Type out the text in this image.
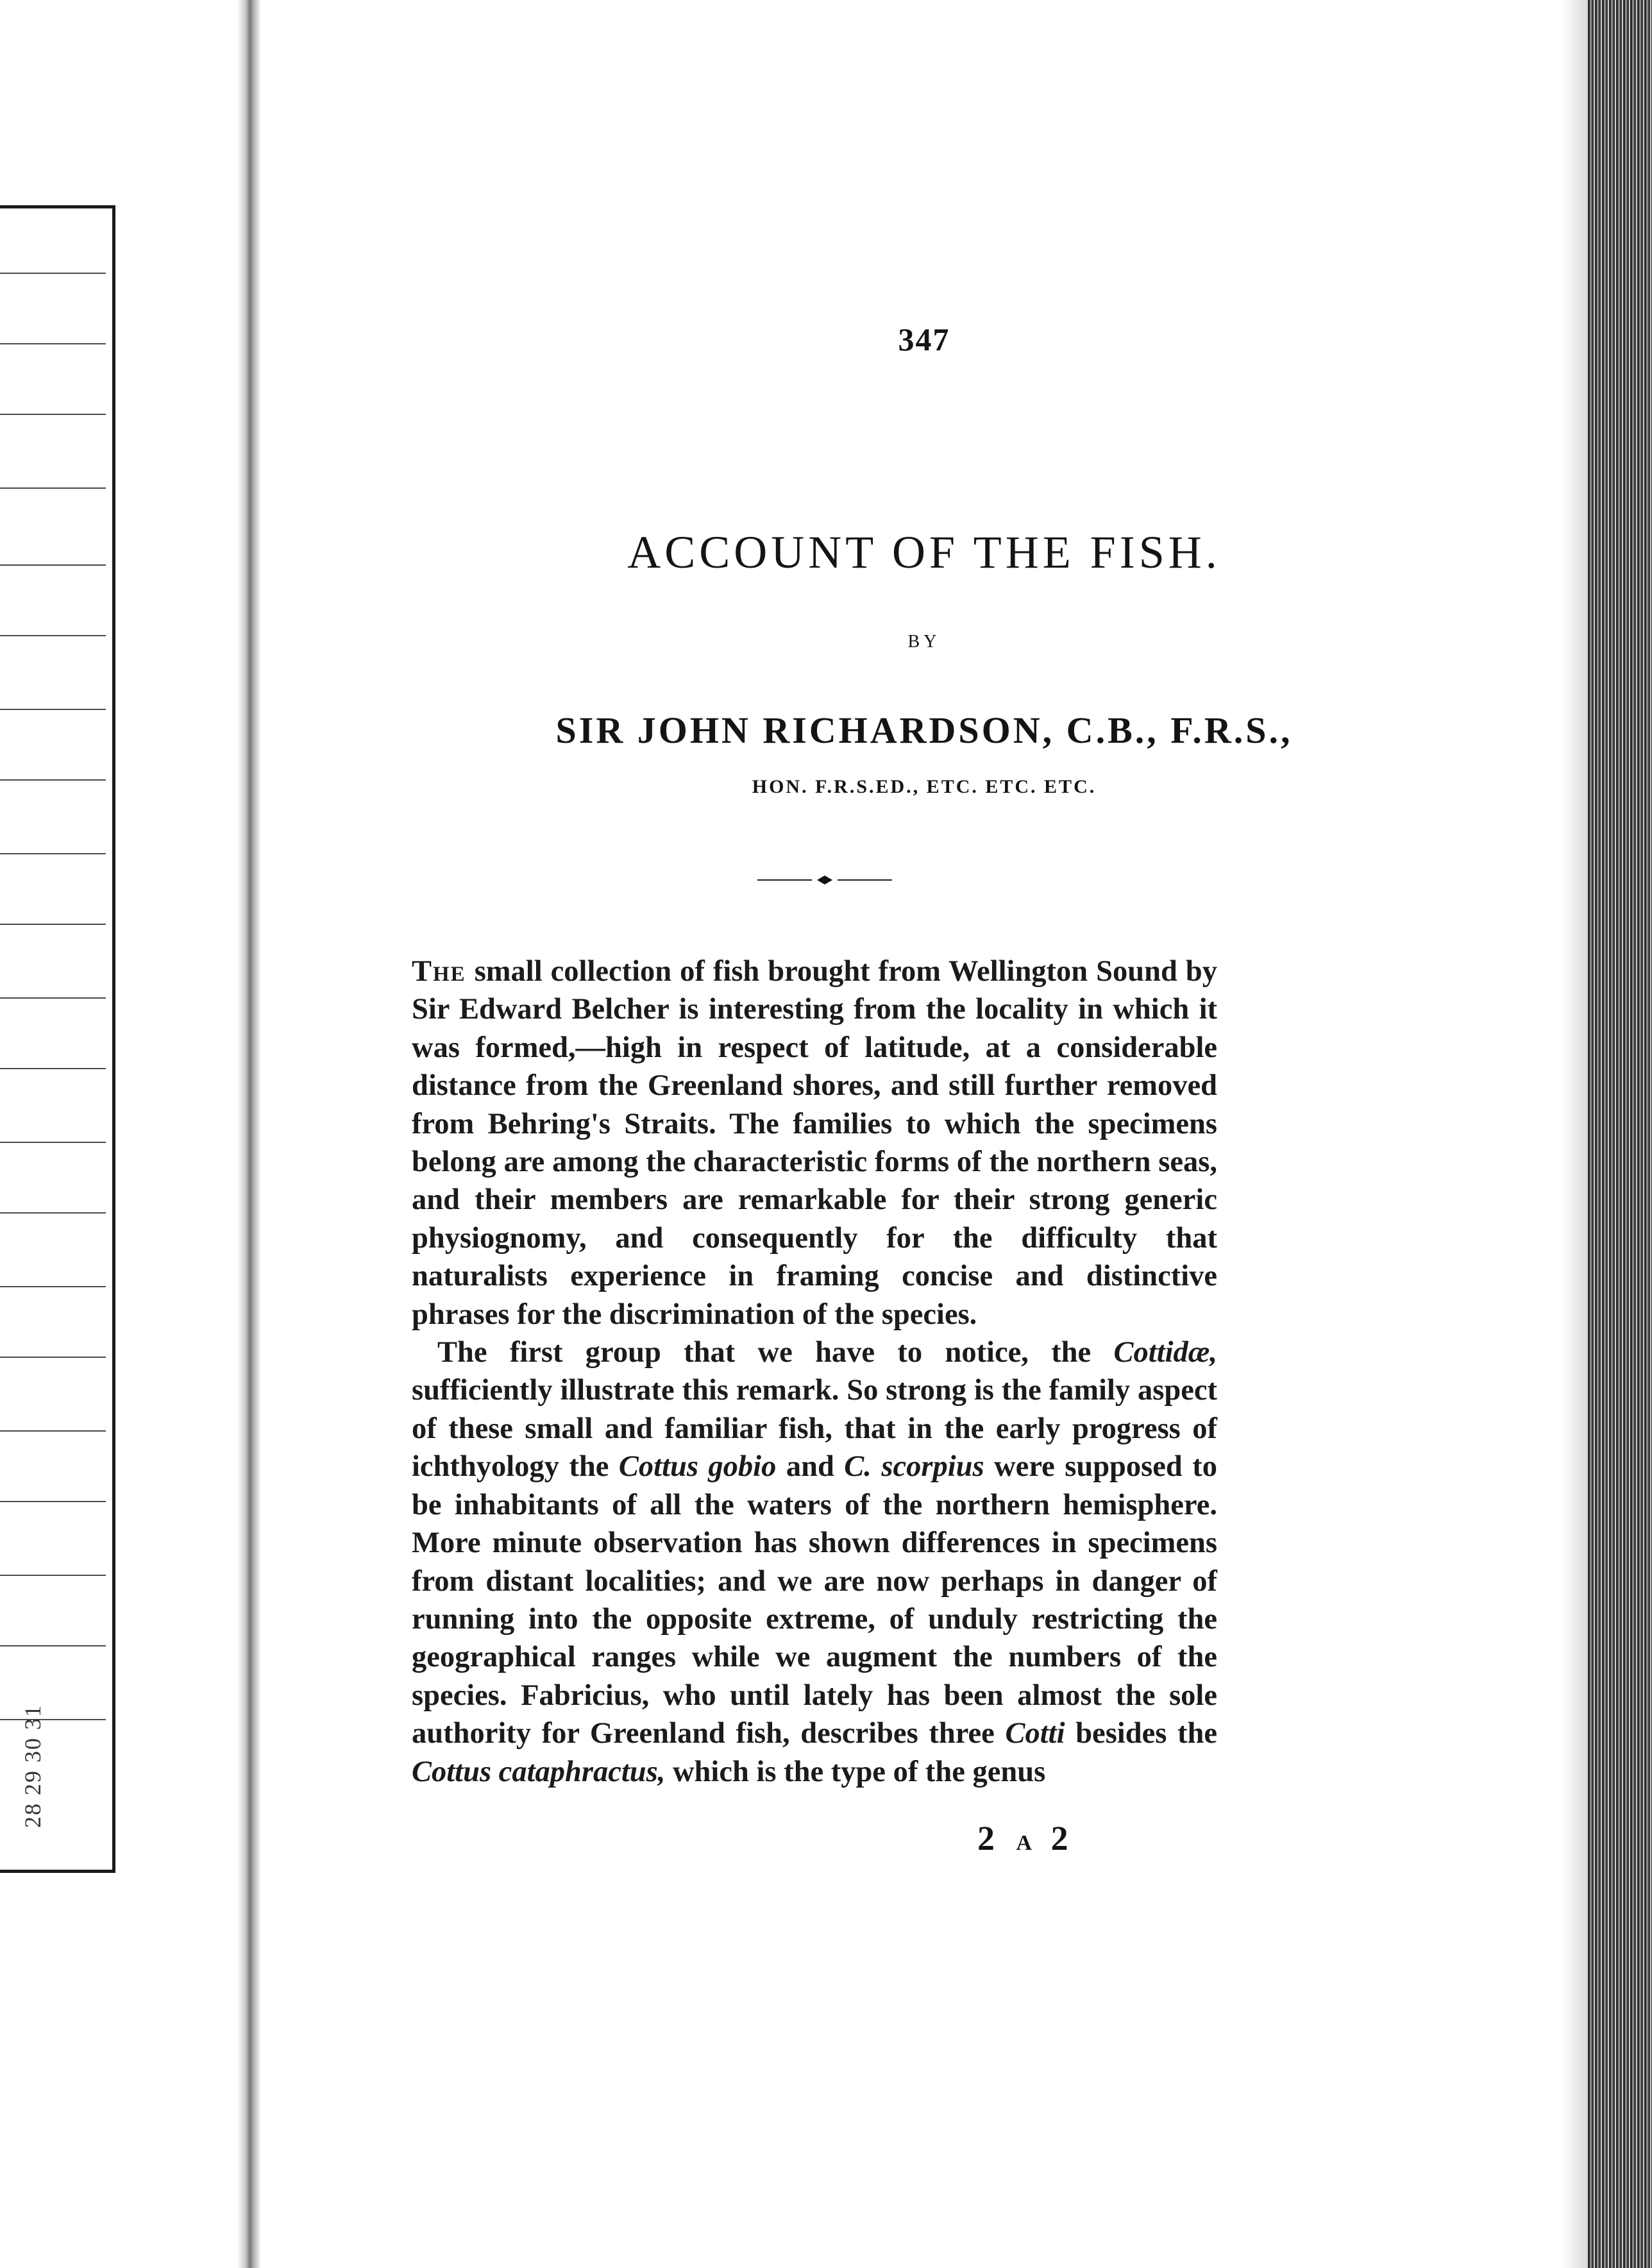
28 29 30 31
347
ACCOUNT OF THE FISH.
BY
SIR JOHN RICHARDSON, C.B., F.R.S.,
HON. F.R.S.ED., ETC. ETC. ETC.

The small collection of fish brought from Wellington Sound by Sir Edward Belcher is interesting from the locality in which it was formed,—high in respect of latitude, at a considerable distance from the Greenland shores, and still further removed from Behring's Straits. The families to which the specimens belong are among the characteristic forms of the northern seas, and their members are remarkable for their strong generic physiognomy, and consequently for the difficulty that naturalists experience in framing concise and distinctive phrases for the discrimination of the species.

The first group that we have to notice, the Cottidæ, sufficiently illustrate this remark. So strong is the family aspect of these small and familiar fish, that in the early progress of ichthyology the Cottus gobio and C. scorpius were supposed to be inhabitants of all the waters of the northern hemisphere. More minute observation has shown differences in specimens from distant localities; and we are now perhaps in danger of running into the opposite extreme, of unduly restricting the geographical ranges while we augment the numbers of the species. Fabricius, who until lately has been almost the sole authority for Greenland fish, describes three Cotti besides the Cottus cataphractus, which is the type of the genus

2 A 2
